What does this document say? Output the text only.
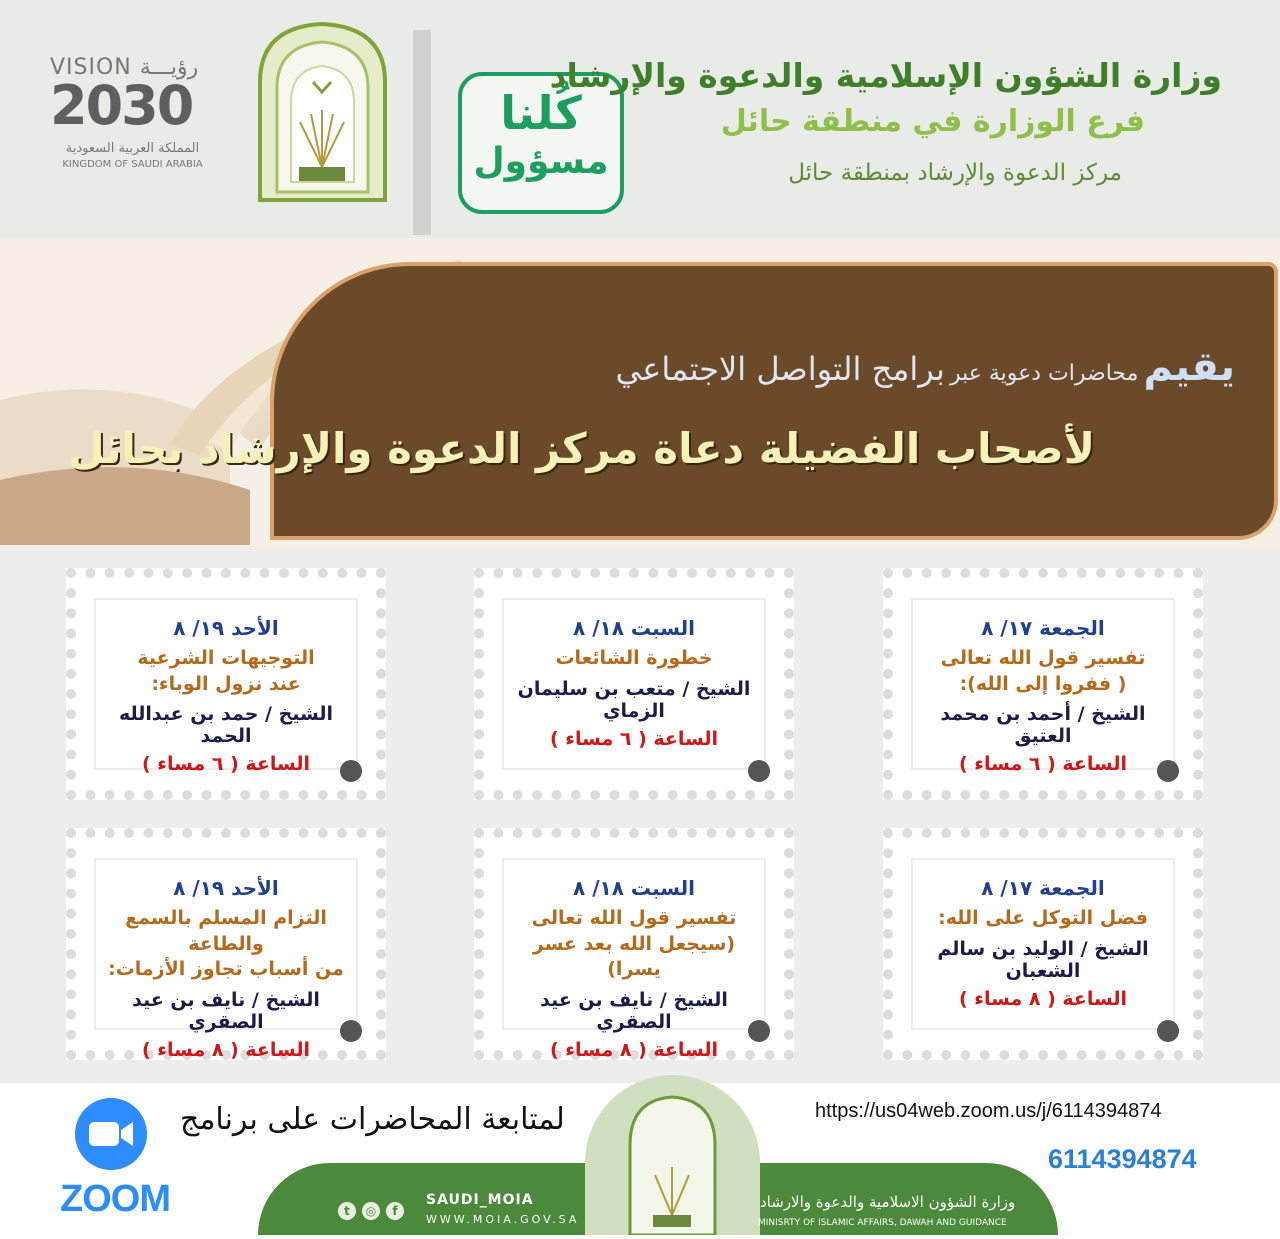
VISION رؤيـــة
2030
المملكة العربية السعودية
KINGDOM OF SAUDI ARABIA
كُلنا
مسؤول
وزارة الشؤون الإسلامية والدعوة والإرشاد
فرع الوزارة في منطقة حائل
مركز الدعوة والإرشاد بمنطقة حائل
يقيم محاضرات دعوية عبر برامج التواصل الاجتماعي
لأصحاب الفضيلة دعاة مركز الدعوة والإرشاد بحائل
الجمعة ١٧/ ٨
تفسير قول الله تعالى
( ففروا إلى الله):
الشيخ / أحمد بن محمد العتيق
الساعة ( ٦ مساء )
السبت ١٨/ ٨
خطورة الشائعات
الشيخ / متعب بن سليمان الزماي
الساعة ( ٦ مساء )
الأحد ١٩/ ٨
التوجيهات الشرعية
عند نزول الوباء:
الشيخ / حمد بن عبدالله الحمد
الساعة ( ٦ مساء )
الجمعة ١٧/ ٨
فضل التوكل على الله:
الشيخ / الوليد بن سالم الشعبان
الساعة ( ٨ مساء )
السبت ١٨/ ٨
تفسير قول الله تعالى
(سيجعل الله بعد عسر يسرا)
الشيخ / نايف بن عيد الصقري
الساعة ( ٨ مساء )
الأحد ١٩/ ٨
التزام المسلم بالسمع والطاعة
من أسباب تجاوز الأزمات:
الشيخ / نايف بن عيد الصقري
الساعة ( ٨ مساء )
ZOOM
لمتابعة المحاضرات على برنامج	https://us04web.zoom.us/j/6114394874
6114394874
t ◎ f
SAUDI_MOIA
WWW.MOIA.GOV.SA
وزارة الشؤون الاسلامية والدعوة والارشاد
MINISRTY OF ISLAMIC AFFAIRS, DAWAH AND GUIDANCE
